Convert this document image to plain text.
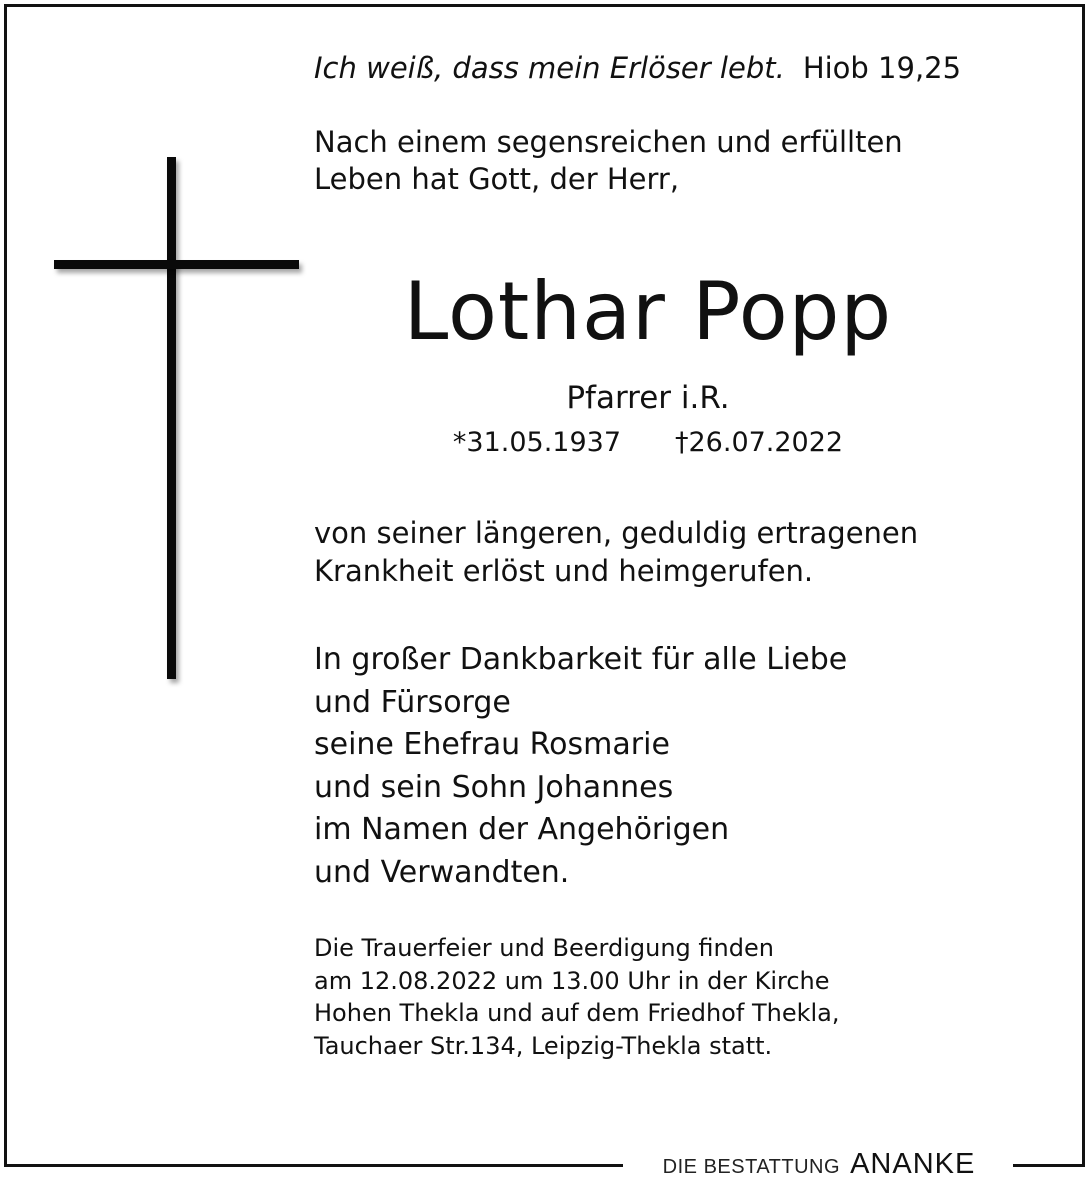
Ich weiß, dass mein Erlöser lebt. Hiob 19,25
Nach einem segensreichen und erfüllten
Leben hat Gott, der Herr,
Lothar Popp
Pfarrer i.R.
*31.05.1937 †26.07.2022
von seiner längeren, geduldig ertragenen
Krankheit erlöst und heimgerufen.
In großer Dankbarkeit für alle Liebe
und Fürsorge
seine Ehefrau Rosmarie
und sein Sohn Johannes
im Namen der Angehörigen
und Verwandten.
Die Trauerfeier und Beerdigung finden
am 12.08.2022 um 13.00 Uhr in der Kirche
Hohen Thekla und auf dem Friedhof Thekla,
Tauchaer Str.134, Leipzig-Thekla statt.
DIE BESTATTUNG ANANKE
